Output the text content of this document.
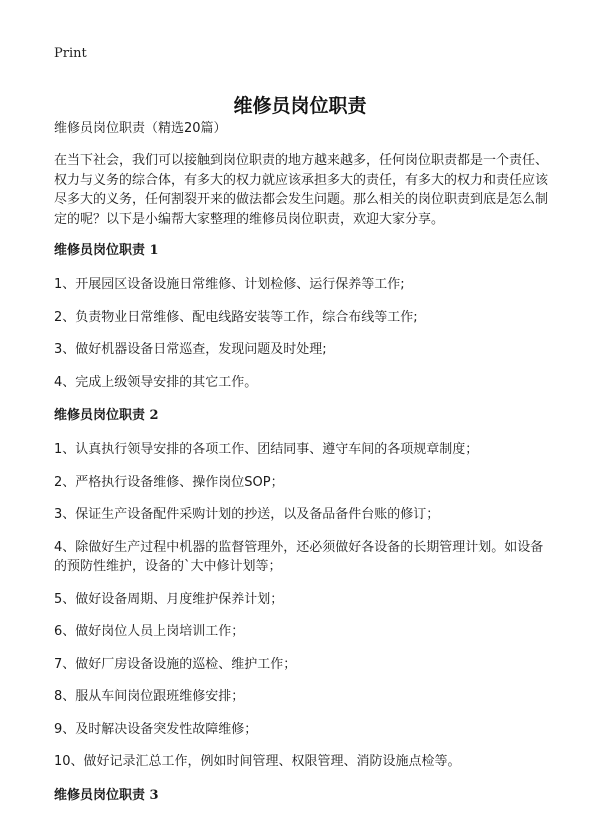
Print
维修员岗位职责

维修员岗位职责（精选20篇）

在当下社会，我们可以接触到岗位职责的地方越来越多，任何岗位职责都是一个责任、权力与义务的综合体，有多大的权力就应该承担多大的责任，有多大的权力和责任应该尽多大的义务，任何割裂开来的做法都会发生问题。那么相关的岗位职责到底是怎么制定的呢？以下是小编帮大家整理的维修员岗位职责，欢迎大家分享。

维修员岗位职责 1

1、开展园区设备设施日常维修、计划检修、运行保养等工作;

2、负责物业日常维修、配电线路安装等工作，综合布线等工作;

3、做好机器设备日常巡查，发现问题及时处理;

4、完成上级领导安排的其它工作。

维修员岗位职责 2

1、认真执行领导安排的各项工作、团结同事、遵守车间的各项规章制度；

2、严格执行设备维修、操作岗位SOP；

3、保证生产设备配件采购计划的抄送，以及备品备件台账的修订；

4、除做好生产过程中机器的监督管理外，还必须做好各设备的长期管理计划。如设备的预防性维护，设备的`大中修计划等；

5、做好设备周期、月度维护保养计划；

6、做好岗位人员上岗培训工作；

7、做好厂房设备设施的巡检、维护工作；

8、服从车间岗位跟班维修安排；

9、及时解决设备突发性故障维修；

10、做好记录汇总工作，例如时间管理、权限管理、消防设施点检等。

维修员岗位职责 3
